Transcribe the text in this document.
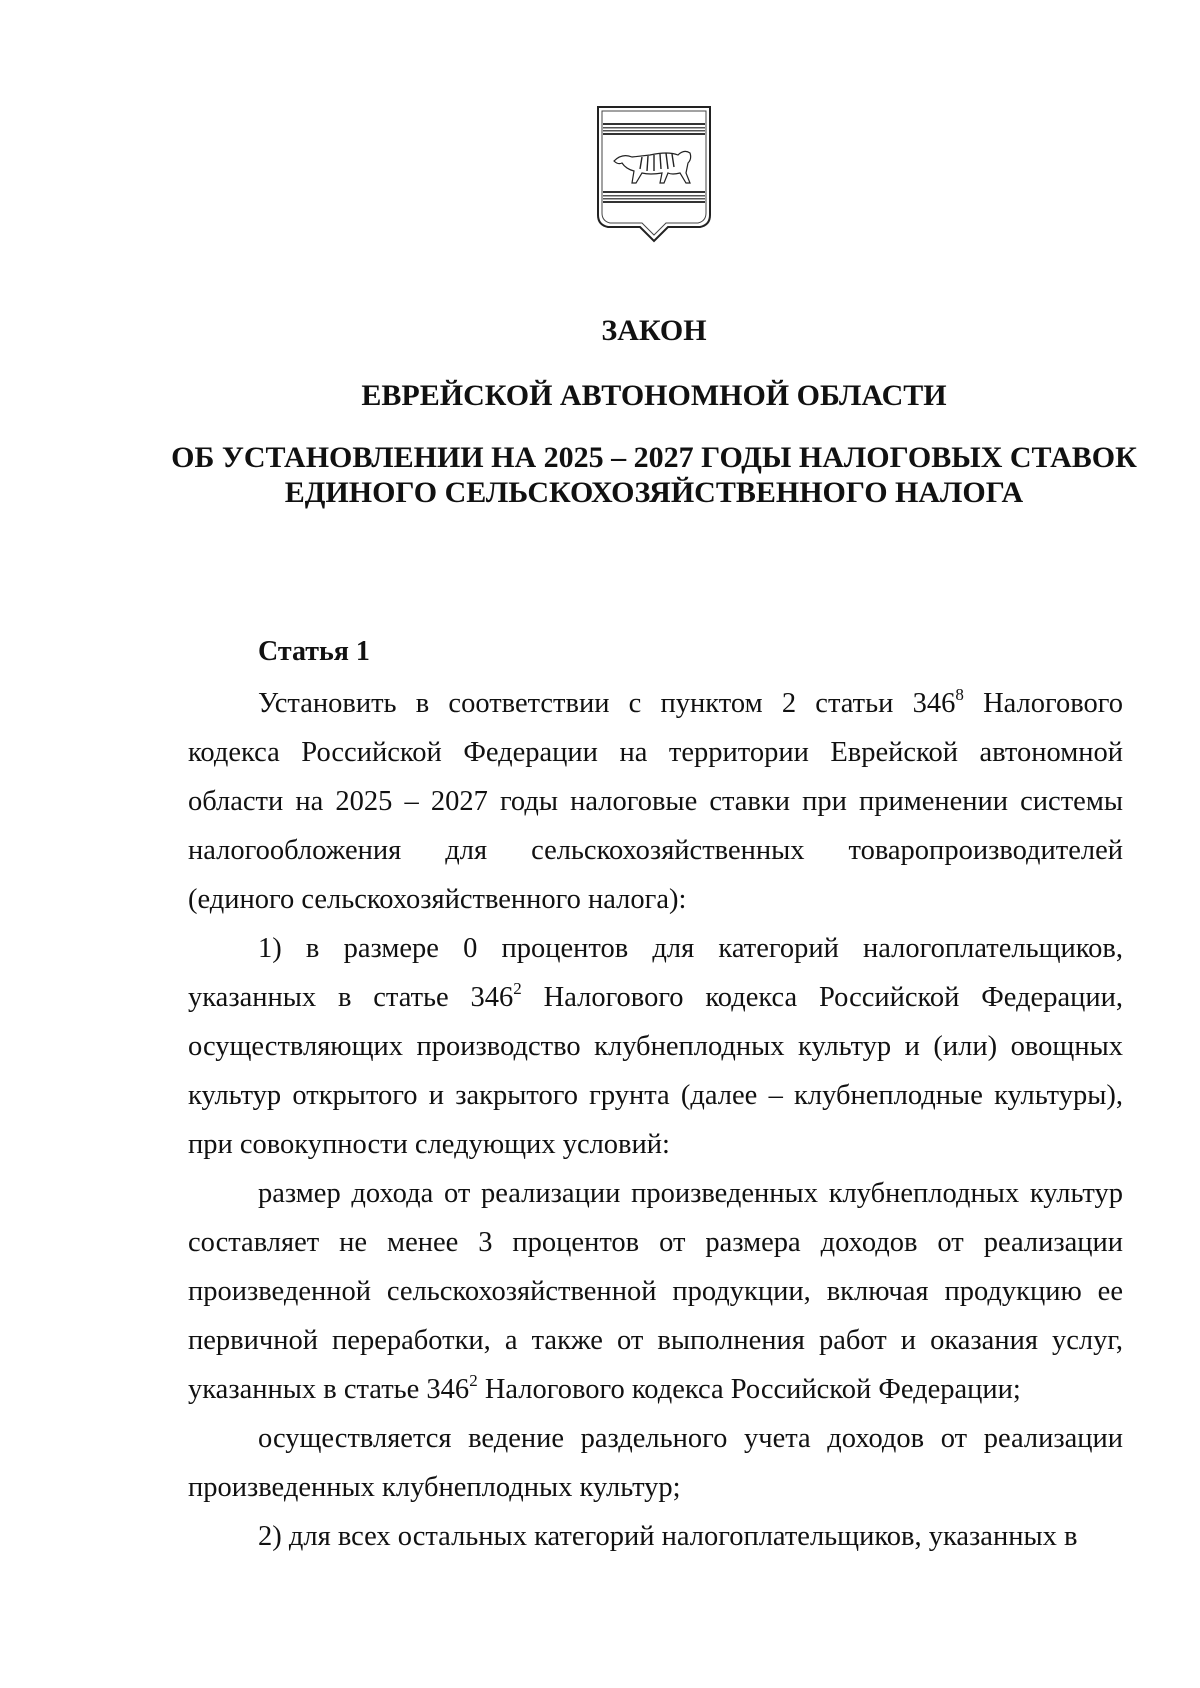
ЗАКОН
ЕВРЕЙСКОЙ АВТОНОМНОЙ ОБЛАСТИ
ОБ УСТАНОВЛЕНИИ НА 2025 – 2027 ГОДЫ НАЛОГОВЫХ СТАВОК
ЕДИНОГО СЕЛЬСКОХОЗЯЙСТВЕННОГО НАЛОГА
Статья 1

Установить в соответствии с пунктом 2 статьи $346^8$ Налогового кодекса Российской Федерации на территории Еврейской автономной области на 2025 – 2027 годы налоговые ставки при применении системы налогообложения для сельскохозяйственных товаропроизводителей (единого сельскохозяйственного налога):

1) в размере 0 процентов для категорий налогоплательщиков, указанных в статье $346^2$ Налогового кодекса Российской Федерации, осуществляющих производство клубнеплодных культур и (или) овощных культур открытого и закрытого грунта (далее – клубнеплодные культуры), при совокупности следующих условий:

размер дохода от реализации произведенных клубнеплодных культур составляет не менее 3 процентов от размера доходов от реализации произведенной сельскохозяйственной продукции, включая продукцию ее первичной переработки, а также от выполнения работ и оказания услуг, указанных в статье $346^2$ Налогового кодекса Российской Федерации;

осуществляется ведение раздельного учета доходов от реализации произведенных клубнеплодных культур;

2) для всех остальных категорий налогоплательщиков, указанных в
